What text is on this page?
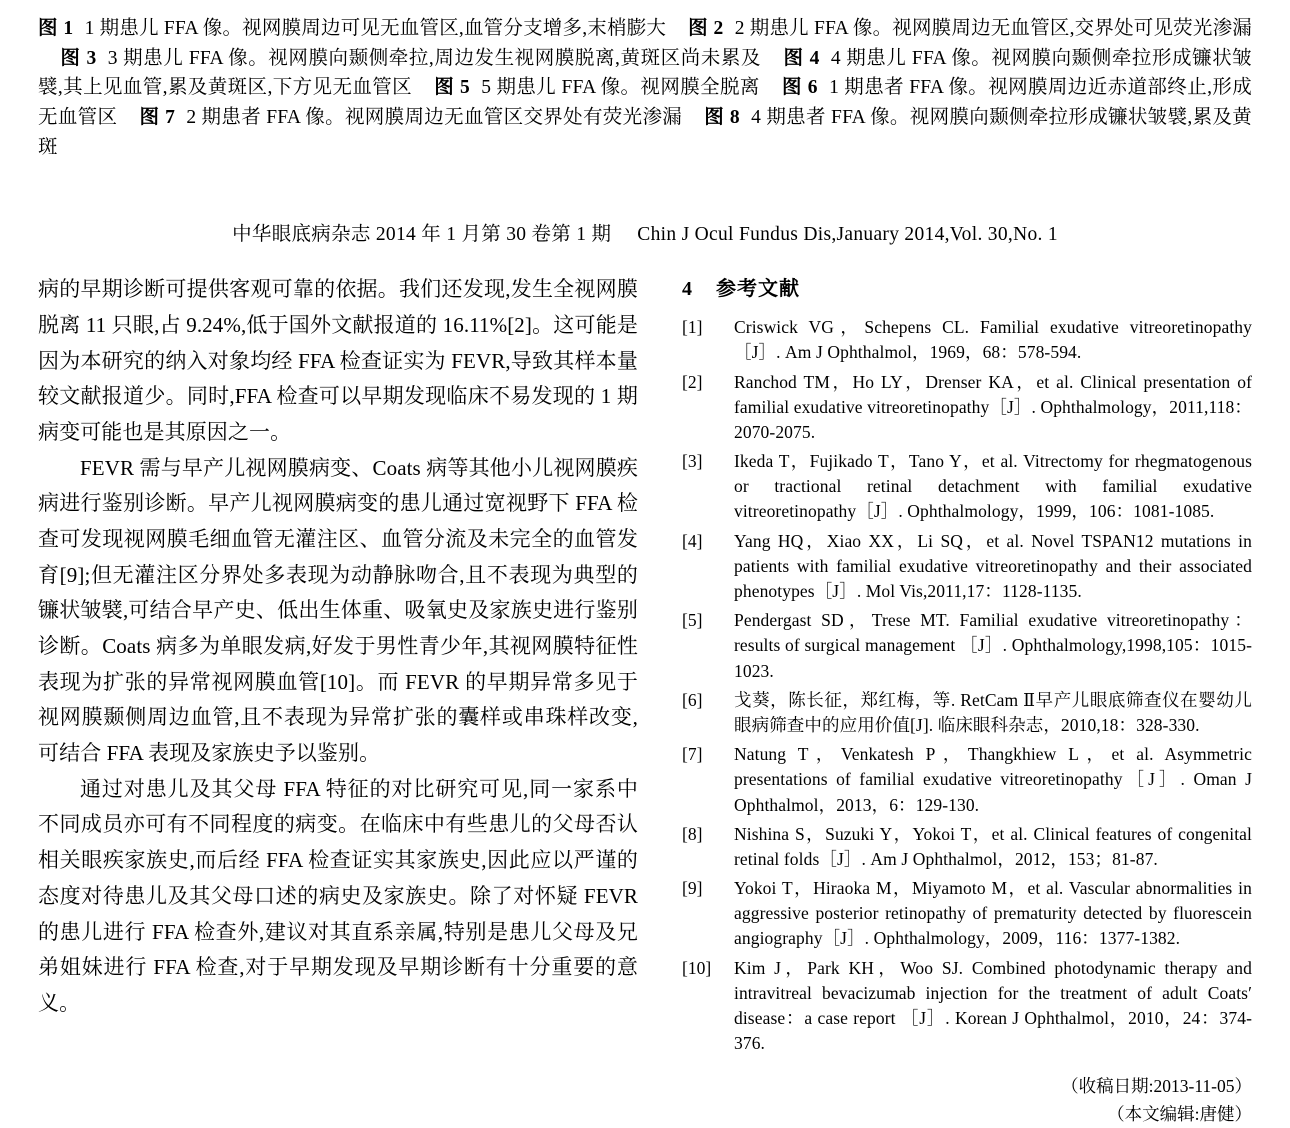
图 1 1 期患儿 FFA 像。视网膜周边可见无血管区,血管分支增多,末梢膨大 图 2 2 期患儿 FFA 像。视网膜周边无血管区,交界处可见荧光渗漏图 3 3 期患儿 FFA 像。视网膜向颞侧牵拉,周边发生视网膜脱离,黄斑区尚未累及 图 4 4 期患儿 FFA 像。视网膜向颞侧牵拉形成镰状皱襞,其上见血管,累及黄斑区,下方见无血管区 图 5 5 期患儿 FFA 像。视网膜全脱离 图 6 1 期患者 FFA 像。视网膜周边近赤道部终止,形成无血管区 图 7 2 期患者 FFA 像。视网膜周边无血管区交界处有荧光渗漏 图 8 4 期患者 FFA 像。视网膜向颞侧牵拉形成镰状皱襞,累及黄斑
中华眼底病杂志 2014 年 1 月第 30 卷第 1 期 Chin J Ocul Fundus Dis,January 2014,Vol. 30,No. 1

病的早期诊断可提供客观可靠的依据。我们还发现,发生全视网膜脱离 11 只眼,占 9.24%,低于国外文献报道的 16.11%[2]。这可能是因为本研究的纳入对象均经 FFA 检查证实为 FEVR,导致其样本量较文献报道少。同时,FFA 检查可以早期发现临床不易发现的 1 期病变可能也是其原因之一。

FEVR 需与早产儿视网膜病变、Coats 病等其他小儿视网膜疾病进行鉴别诊断。早产儿视网膜病变的患儿通过宽视野下 FFA 检查可发现视网膜毛细血管无灌注区、血管分流及未完全的血管发育[9];但无灌注区分界处多表现为动静脉吻合,且不表现为典型的镰状皱襞,可结合早产史、低出生体重、吸氧史及家族史进行鉴别诊断。Coats 病多为单眼发病,好发于男性青少年,其视网膜特征性表现为扩张的异常视网膜血管[10]。而 FEVR 的早期异常多见于视网膜颞侧周边血管,且不表现为异常扩张的囊样或串珠样改变,可结合 FFA 表现及家族史予以鉴别。

通过对患儿及其父母 FFA 特征的对比研究可见,同一家系中不同成员亦可有不同程度的病变。在临床中有些患儿的父母否认相关眼疾家族史,而后经 FFA 检查证实其家族史,因此应以严谨的态度对待患儿及其父母口述的病史及家族史。除了对怀疑 FEVR 的患儿进行 FFA 检查外,建议对其直系亲属,特别是患儿父母及兄弟姐妹进行 FFA 检查,对于早期发现及早期诊断有十分重要的意义。

4 参考文献
[1]	Criswick VG，Schepens CL. Familial exudative vitreoretinopathy［J］. Am J Ophthalmol，1969，68：578-594.
[2]	Ranchod TM，Ho LY，Drenser KA，et al. Clinical presentation of familial exudative vitreoretinopathy［J］. Ophthalmology，2011,118：2070-2075.
[3]	Ikeda T，Fujikado T，Tano Y，et al. Vitrectomy for rhegmatogenous or tractional retinal detachment with familial exudative vitreoretinopathy［J］. Ophthalmology，1999，106：1081-1085.
[4]	Yang HQ，Xiao XX，Li SQ，et al. Novel TSPAN12 mutations in patients with familial exudative vitreoretinopathy and their associated phenotypes［J］. Mol Vis,2011,17：1128-1135.
[5]	Pendergast SD，Trese MT. Familial exudative vitreoretinopathy：results of surgical management ［J］. Ophthalmology,1998,105：1015-1023.
[6]	戈葵，陈长征，郑红梅，等. RetCam Ⅱ早产儿眼底筛查仪在婴幼儿眼病筛查中的应用价值[J]. 临床眼科杂志，2010,18：328-330.
[7]	Natung T，Venkatesh P，Thangkhiew L，et al. Asymmetric presentations of familial exudative vitreoretinopathy［J］. Oman J Ophthalmol，2013，6：129-130.
[8]	Nishina S，Suzuki Y，Yokoi T，et al. Clinical features of congenital retinal folds［J］. Am J Ophthalmol，2012，153；81-87.
[9]	Yokoi T，Hiraoka M，Miyamoto M，et al. Vascular abnormalities in aggressive posterior retinopathy of prematurity detected by fluorescein angiography［J］. Ophthalmology，2009，116：1377-1382.
[10]	Kim J，Park KH，Woo SJ. Combined photodynamic therapy and intravitreal bevacizumab injection for the treatment of adult Coats′ disease：a case report ［J］. Korean J Ophthalmol，2010，24：374-376.
（收稿日期:2013-11-05）
（本文编辑:唐健）
